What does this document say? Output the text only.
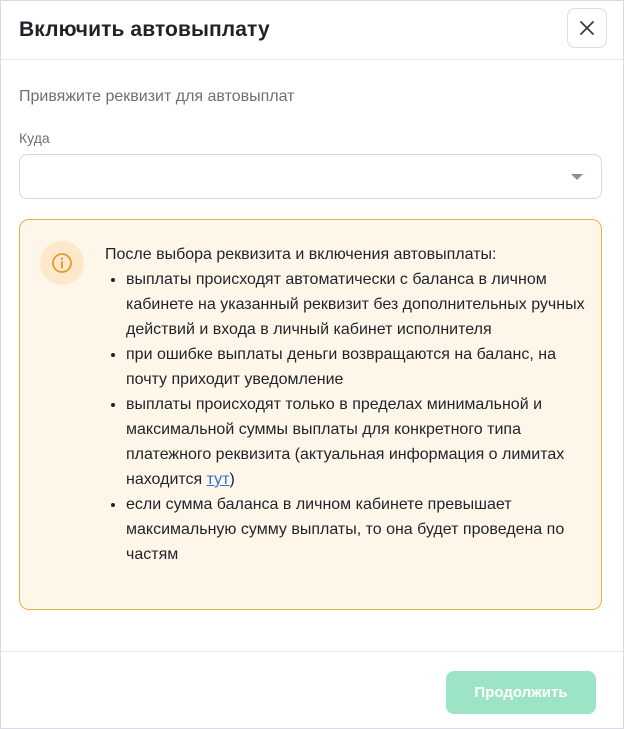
Включить автовыплату
Привяжите реквизит для автовыплат
Куда

После выбора реквизита и включения автовыплаты:

• выплаты происходят автоматически с баланса в личном кабинете на указанный реквизит без дополнительных ручных действий и входа в личный кабинет исполнителя
• при ошибке выплаты деньги возвращаются на баланс, на почту приходит уведомление
• выплаты происходят только в пределах минимальной и максимальной суммы выплаты для конкретного типа платежного реквизита (актуальная информация о лимитах находится тут)
• если сумма баланса в личном кабинете превышает максимальную сумму выплаты, то она будет проведена по частям
Продолжить
